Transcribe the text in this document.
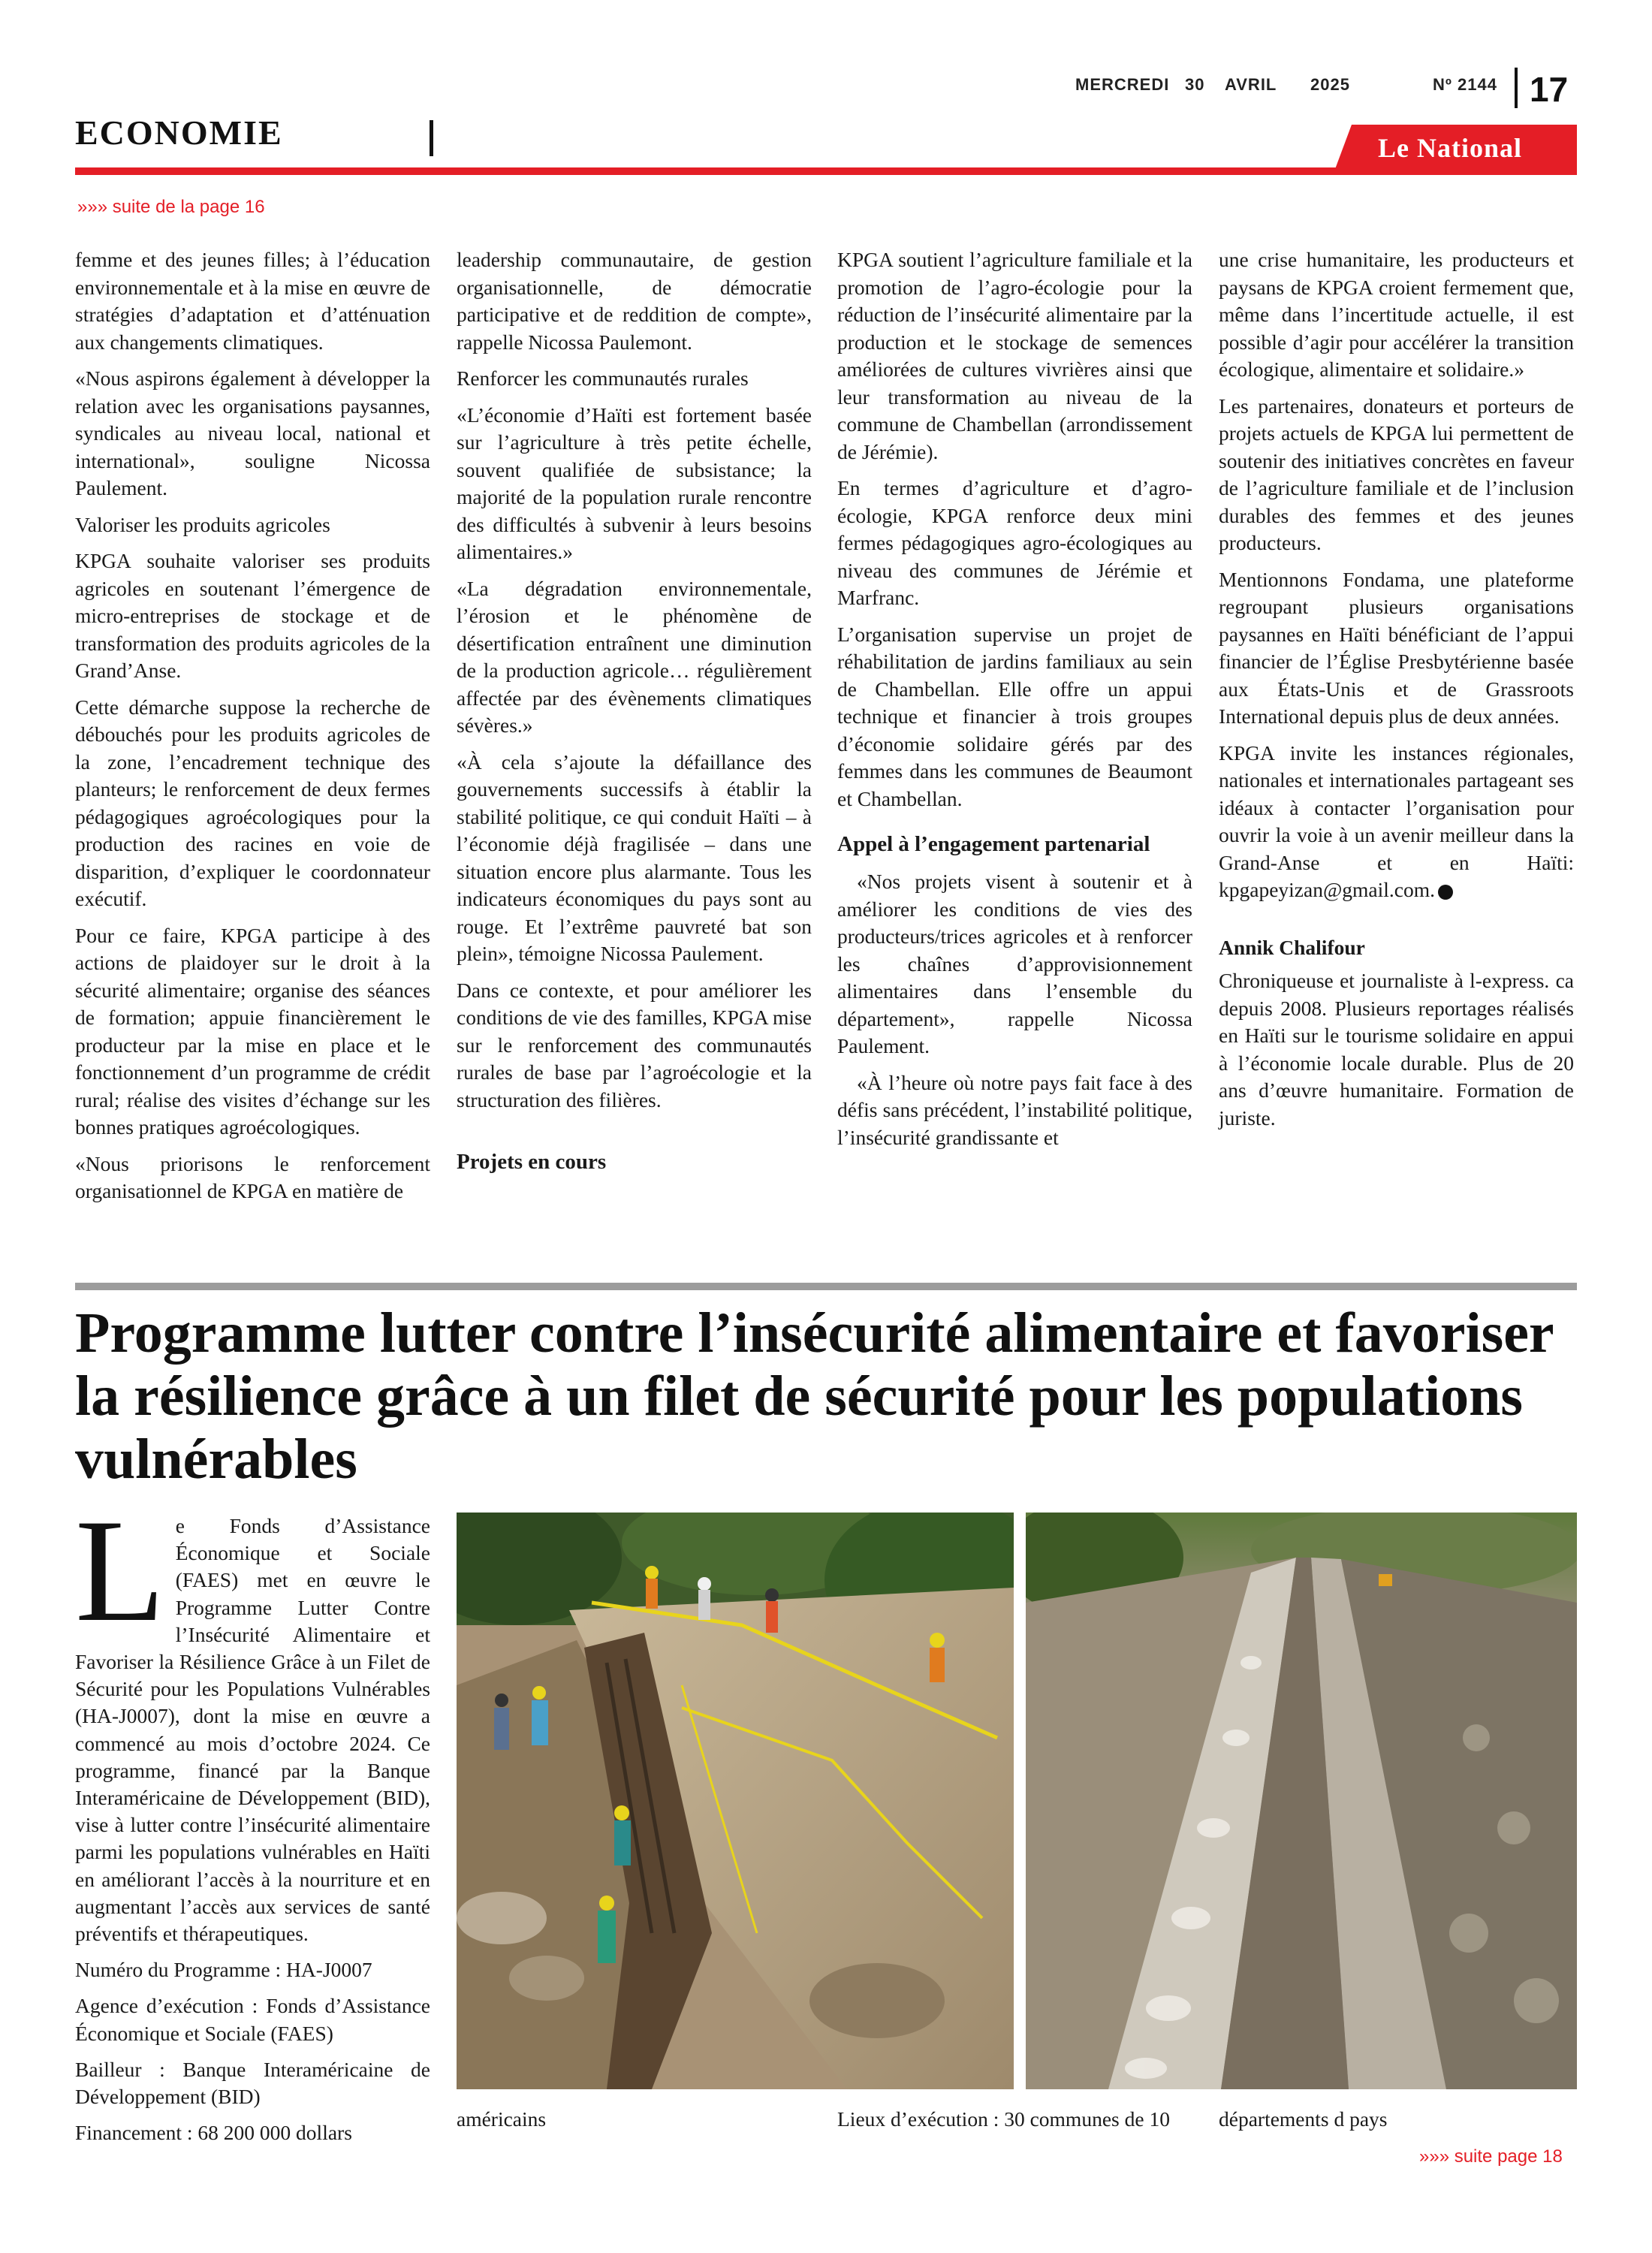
MERCREDI 30 AVRIL 2025	Nº 2144 17
ECONOMIE	Le National
»»» suite de la page 16

femme et des jeunes filles; à l’éducation environnementale et à la mise en œuvre de stratégies d’adaptation et d’atténuation aux changements climatiques.

«Nous aspirons également à développer la relation avec les organisations paysannes, syndicales au niveau local, national et international», souligne Nicossa Paulement.

Valoriser les produits agricoles

KPGA souhaite valoriser ses produits agricoles en soutenant l’émergence de micro-entreprises de stockage et de transformation des produits agricoles de la Grand’Anse.

Cette démarche suppose la recherche de débouchés pour les produits agricoles de la zone, l’encadrement technique des planteurs; le renforcement de deux fermes pédagogiques agroécologiques pour la production des racines en voie de disparition, d’expliquer le coordonnateur exécutif.

Pour ce faire, KPGA participe à des actions de plaidoyer sur le droit à la sécurité alimentaire; organise des séances de formation; appuie financièrement le producteur par la mise en place et le fonctionnement d’un programme de crédit rural; réalise des visites d’échange sur les bonnes pratiques agroécologiques.

«Nous priorisons le renforcement organisationnel de KPGA en matière de

leadership communautaire, de gestion organisationnelle, de démocratie participative et de reddition de compte», rappelle Nicossa Paulemont.

Renforcer les communautés rurales

«L’économie d’Haïti est fortement basée sur l’agriculture à très petite échelle, souvent qualifiée de subsistance; la majorité de la population rurale rencontre des difficultés à subvenir à leurs besoins alimentaires.»

«La dégradation environnementale, l’érosion et le phénomène de désertification entraînent une diminution de la production agricole… régulièrement affectée par des évènements climatiques sévères.»

«À cela s’ajoute la défaillance des gouvernements successifs à établir la stabilité politique, ce qui conduit Haïti – à l’économie déjà fragilisée – dans une situation encore plus alarmante. Tous les indicateurs économiques du pays sont au rouge. Et l’extrême pauvreté bat son plein», témoigne Nicossa Paulement.

Dans ce contexte, et pour améliorer les conditions de vie des familles, KPGA mise sur le renforcement des communautés rurales de base par l’agroécologie et la structuration des filières.

Projets en cours

KPGA soutient l’agriculture familiale et la promotion de l’agro-écologie pour la réduction de l’insécurité alimentaire par la production et le stockage de semences améliorées de cultures vivrières ainsi que leur transformation au niveau de la commune de Chambellan (arrondissement de Jérémie).

En termes d’agriculture et d’agro-écologie, KPGA renforce deux mini fermes pédagogiques agro-écologiques au niveau des communes de Jérémie et Marfranc.

L’organisation supervise un projet de réhabilitation de jardins familiaux au sein de Chambellan. Elle offre un appui technique et financier à trois groupes d’économie solidaire gérés par des femmes dans les communes de Beaumont et Chambellan.

Appel à l’engagement partenarial

«Nos projets visent à soutenir et à améliorer les conditions de vies des producteurs/trices agricoles et à renforcer les chaînes d’approvisionnement alimentaires dans l’ensemble du département», rappelle Nicossa Paulement.

«À l’heure où notre pays fait face à des défis sans précédent, l’instabilité politique, l’insécurité grandissante et

une crise humanitaire, les producteurs et paysans de KPGA croient fermement que, même dans l’incertitude actuelle, il est possible d’agir pour accélérer la transition écologique, alimentaire et solidaire.»

Les partenaires, donateurs et porteurs de projets actuels de KPGA lui permettent de soutenir des initiatives concrètes en faveur de l’agriculture familiale et de l’inclusion durables des femmes et des jeunes producteurs.

Mentionnons Fondama, une plateforme regroupant plusieurs organisations paysannes en Haïti bénéficiant de l’appui financier de l’Église Presbytérienne basée aux États-Unis et de Grassroots International depuis plus de deux années.

KPGA invite les instances régionales, nationales et internationales partageant ses idéaux à contacter l’organisation pour ouvrir la voie à un avenir meilleur dans la Grand-Anse et en Haïti: kpgapeyizan@gmail.com.

Annik Chalifour

Chroniqueuse et journaliste à l-express. ca depuis 2008. Plusieurs reportages réalisés en Haïti sur le tourisme solidaire en appui à l’économie locale durable. Plus de 20 ans d’œuvre humanitaire. Formation de juriste.

Programme lutter contre l’insécurité alimentaire et favoriser la résilience grâce à un filet de sécurité pour les populations vulnérables

Le Fonds d’Assistance Économique et Sociale (FAES) met en œuvre le Programme Lutter Contre l’Insécurité Alimentaire et Favoriser la Résilience Grâce à un Filet de Sécurité pour les Populations Vulnérables (HA-J0007), dont la mise en œuvre a commencé au mois d’octobre 2024. Ce programme, financé par la Banque Interaméricaine de Développement (BID), vise à lutter contre l’insécurité alimentaire parmi les populations vulnérables en Haïti en améliorant l’accès à la nourriture et en augmentant l’accès aux services de santé préventifs et thérapeutiques.

Numéro du Programme : HA-J0007

Agence d’exécution : Fonds d’Assistance Économique et Sociale (FAES)

Bailleur : Banque Interaméricaine de Développement (BID)

Financement : 68 200 000 dollars

américains	Lieux d’exécution : 30 communes de 10 départements d pays
»»» suite page 18
